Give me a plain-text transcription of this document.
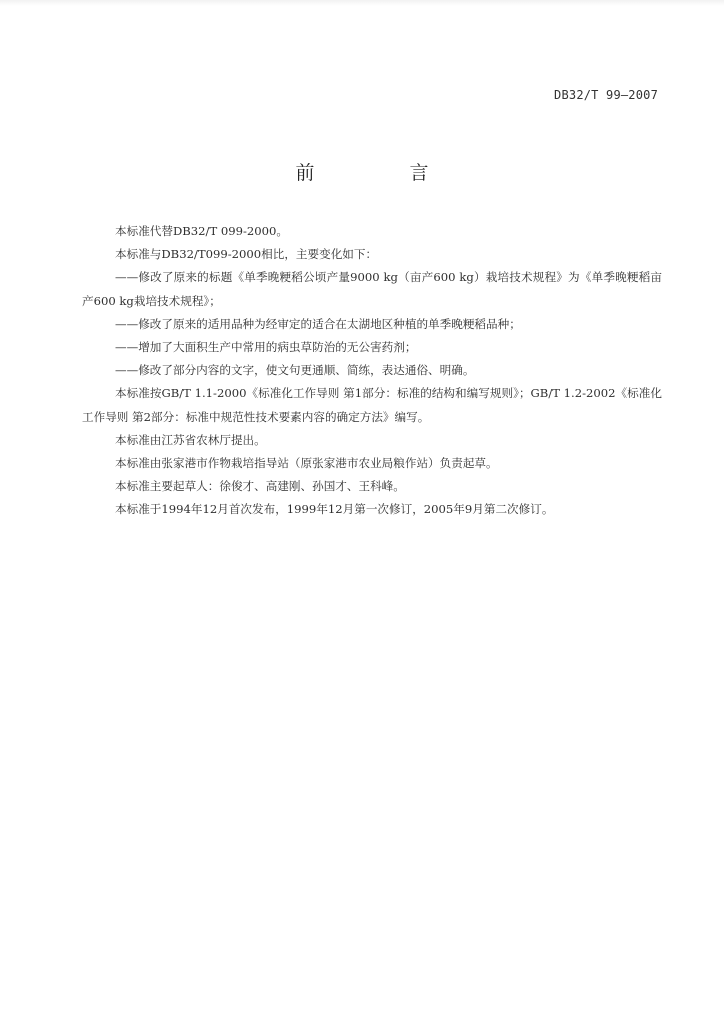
DB32/T 99—2007
前　言

本标准代替DB32/T 099-2000。

本标准与DB32/T099-2000相比，主要变化如下：

——修改了原来的标题《单季晚粳稻公顷产量9000 kg（亩产600 kg）栽培技术规程》为《单季晚粳稻亩产600 kg栽培技术规程》；

——修改了原来的适用品种为经审定的适合在太湖地区种植的单季晚粳稻品种；

——增加了大面积生产中常用的病虫草防治的无公害药剂；

——修改了部分内容的文字，使文句更通顺、简练，表达通俗、明确。

本标准按GB/T 1.1-2000《标准化工作导则 第1部分：标准的结构和编写规则》；GB/T 1.2-2002《标准化工作导则 第2部分：标准中规范性技术要素内容的确定方法》编写。

本标准由江苏省农林厅提出。

本标准由张家港市作物栽培指导站（原张家港市农业局粮作站）负责起草。

本标准主要起草人：徐俊才、高建刚、孙国才、王科峰。

本标准于1994年12月首次发布，1999年12月第一次修订，2005年9月第二次修订。
